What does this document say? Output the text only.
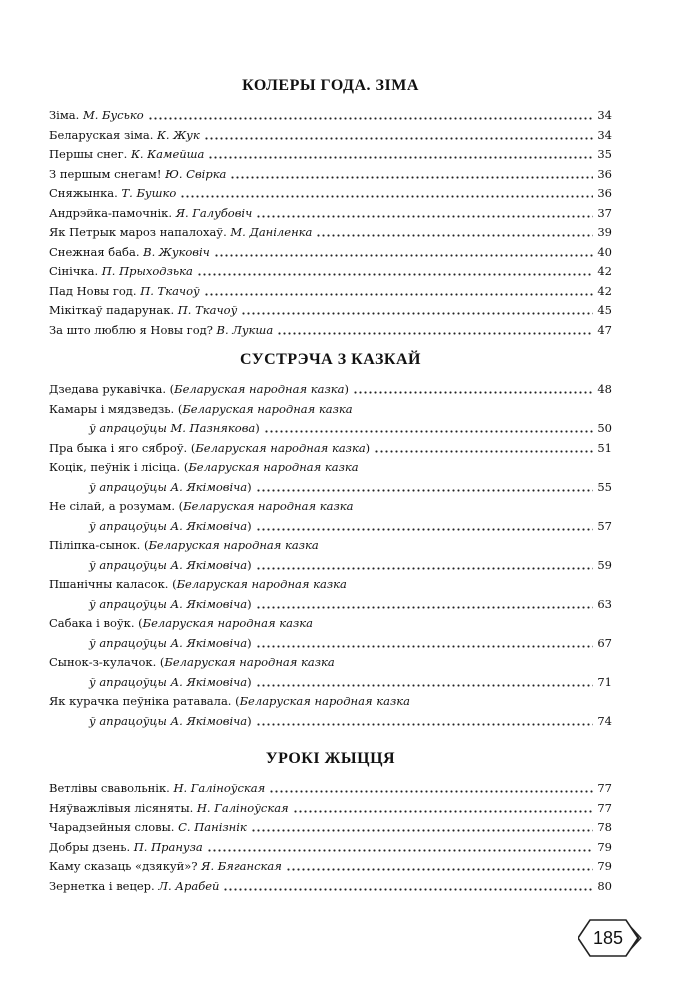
КОЛЕРЫ ГОДА. ЗІМА
Зіма. М. Бусько	34
Беларуская зіма. К. Жук	34
Першы снег. К. Камейша	35
З першым снегам! Ю. Свірка	36
Сняжынка. Т. Бушко	36
Андрэйка-памочнік. Я. Галубовіч	37
Як Петрык мароз напалохаў. М. Даніленка	39
Снежная баба. В. Жуковіч	40
Сінічка. П. Прыходзька	42
Пад Новы год. П. Ткачоў	42
Мікіткаў падарунак. П. Ткачоў	45
За што люблю я Новы год? В. Лукша	47
СУСТРЭЧА З КАЗКАЙ
Дзедава рукавічка. (Беларуская народная казка)	48
Камары і мядзведзь. (Беларуская народная казка
ў апрацоўцы М. Пазнякова)	50
Пра быка і яго сяброў. (Беларуская народная казка)	51
Коцік, пеўнік і лісіца. (Беларуская народная казка
ў апрацоўцы А. Якімовіча)	55
Не сілай, а розумам. (Беларуская народная казка
ў апрацоўцы А. Якімовіча)	57
Піліпка-сынок. (Беларуская народная казка
ў апрацоўцы А. Якімовіча)	59
Пшанічны каласок. (Беларуская народная казка
ў апрацоўцы А. Якімовіча)	63
Сабака і воўк. (Беларуская народная казка
ў апрацоўцы А. Якімовіча)	67
Сынок-з-кулачок. (Беларуская народная казка
ў апрацоўцы А. Якімовіча)	71
Як курачка пеўніка ратавала. (Беларуская народная казка
ў апрацоўцы А. Якімовіча)	74
УРОКІ ЖЫЦЦЯ
Ветлівы свавольнік. Н. Галіноўская	77
Няўважлівыя лісяняты. Н. Галіноўская	77
Чарадзейныя словы. С. Панізнік	78
Добры дзень. П. Прануза	79
Каму сказаць «дзякуй»? Я. Бяганская	79
Зернетка і вецер. Л. Арабей	80
185
